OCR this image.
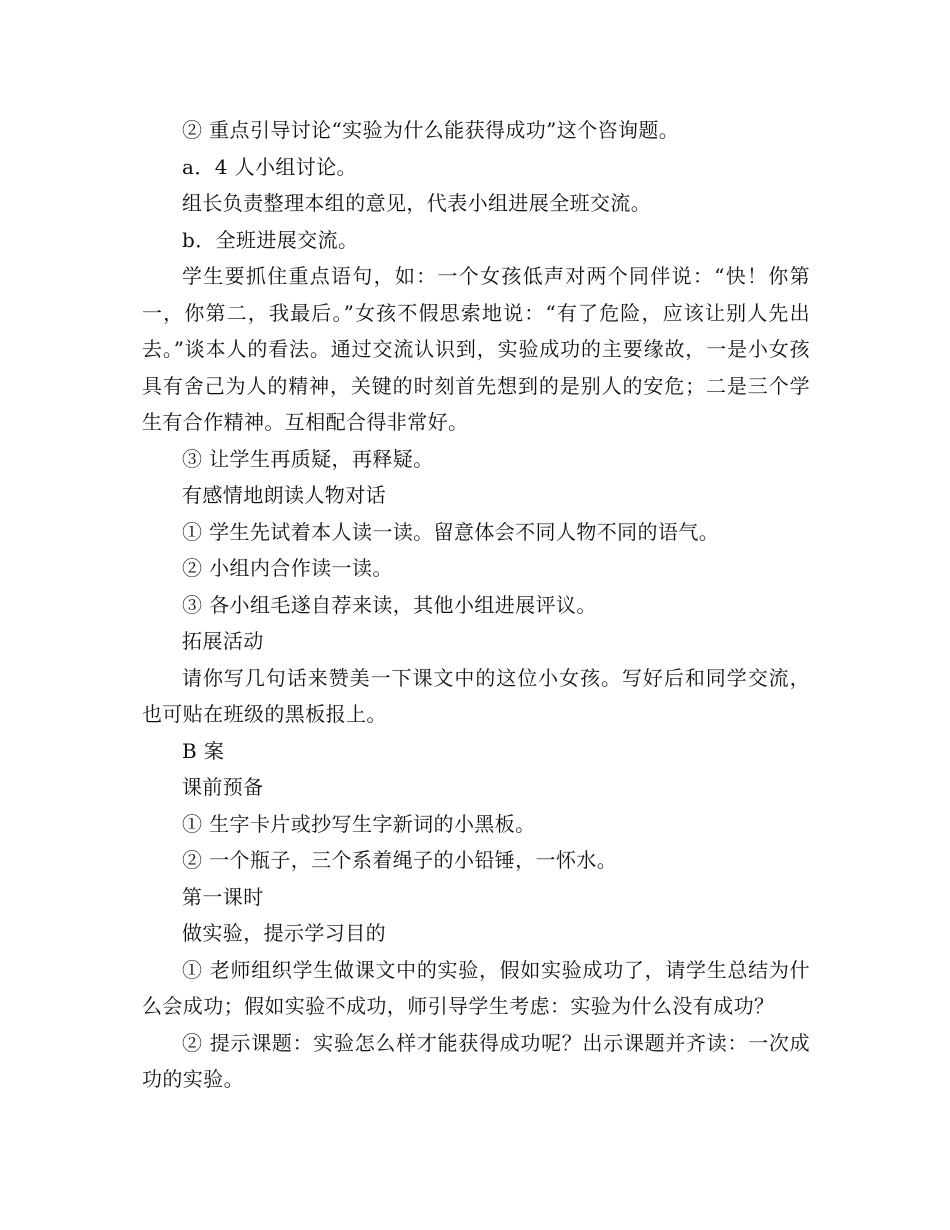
② 重点引导讨论“实验为什么能获得成功”这个咨询题。

a．4 人小组讨论。

组长负责整理本组的意见，代表小组进展全班交流。

b．全班进展交流。

学生要抓住重点语句，如：一个女孩低声对两个同伴说：“快！你第一，你第二，我最后。”女孩不假思索地说：“有了危险，应该让别人先出去。”谈本人的看法。通过交流认识到，实验成功的主要缘故，一是小女孩具有舍己为人的精神，关键的时刻首先想到的是别人的安危；二是三个学生有合作精神。互相配合得非常好。

③ 让学生再质疑，再释疑。

有感情地朗读人物对话

① 学生先试着本人读一读。留意体会不同人物不同的语气。

② 小组内合作读一读。

③ 各小组毛遂自荐来读，其他小组进展评议。

拓展活动

请你写几句话来赞美一下课文中的这位小女孩。写好后和同学交流，也可贴在班级的黑板报上。

B 案

课前预备

① 生字卡片或抄写生字新词的小黑板。

② 一个瓶子，三个系着绳子的小铅锤，一怀水。

第一课时

做实验，提示学习目的

① 老师组织学生做课文中的实验，假如实验成功了，请学生总结为什么会成功；假如实验不成功，师引导学生考虑：实验为什么没有成功？

② 提示课题：实验怎么样才能获得成功呢？出示课题并齐读：一次成功的实验。
